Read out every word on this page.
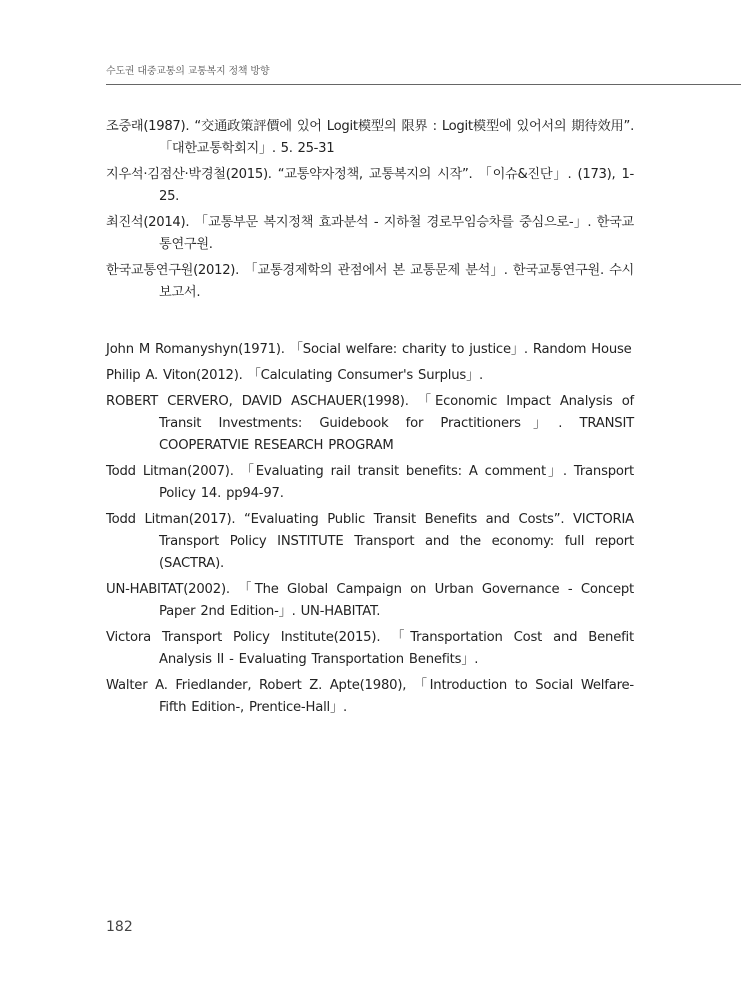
수도권 대중교통의 교통복지 정책 방향
조중래(1987). “交通政策評價에 있어 Logit模型의 限界 : Logit模型에 있어서의 期待效用”. 「대한교통학회지」. 5. 25-31
지우석·김점산·박경철(2015). “교통약자정책, 교통복지의 시작”. 「이슈&진단」. (173), 1-25.
최진석(2014). 「교통부문 복지정책 효과분석 - 지하철 경로무임승차를 중심으로-」. 한국교통연구원.
한국교통연구원(2012). 「교통경제학의 관점에서 본 교통문제 분석」. 한국교통연구원. 수시보고서.
John M Romanyshyn(1971). 「Social welfare: charity to justice」. Random House
Philip A. Viton(2012). 「Calculating Consumer's Surplus」.
ROBERT CERVERO, DAVID ASCHAUER(1998). 「Economic Impact Analysis of Transit Investments: Guidebook for Practitioners」. TRANSIT COOPERATVIE RESEARCH PROGRAM
Todd Litman(2007). 「Evaluating rail transit benefits: A comment」. Transport Policy 14. pp94-97.
Todd Litman(2017). “Evaluating Public Transit Benefits and Costs”. VICTORIA Transport Policy INSTITUTE Transport and the economy: full report (SACTRA).
UN-HABITAT(2002). 「The Global Campaign on Urban Governance - Concept Paper 2nd Edition-」. UN-HABITAT.
Victora Transport Policy Institute(2015). 「Transportation Cost and Benefit Analysis II - Evaluating Transportation Benefits」.
Walter A. Friedlander, Robert Z. Apte(1980), 「Introduction to Social Welfare- Fifth Edition-, Prentice-Hall」.
182
